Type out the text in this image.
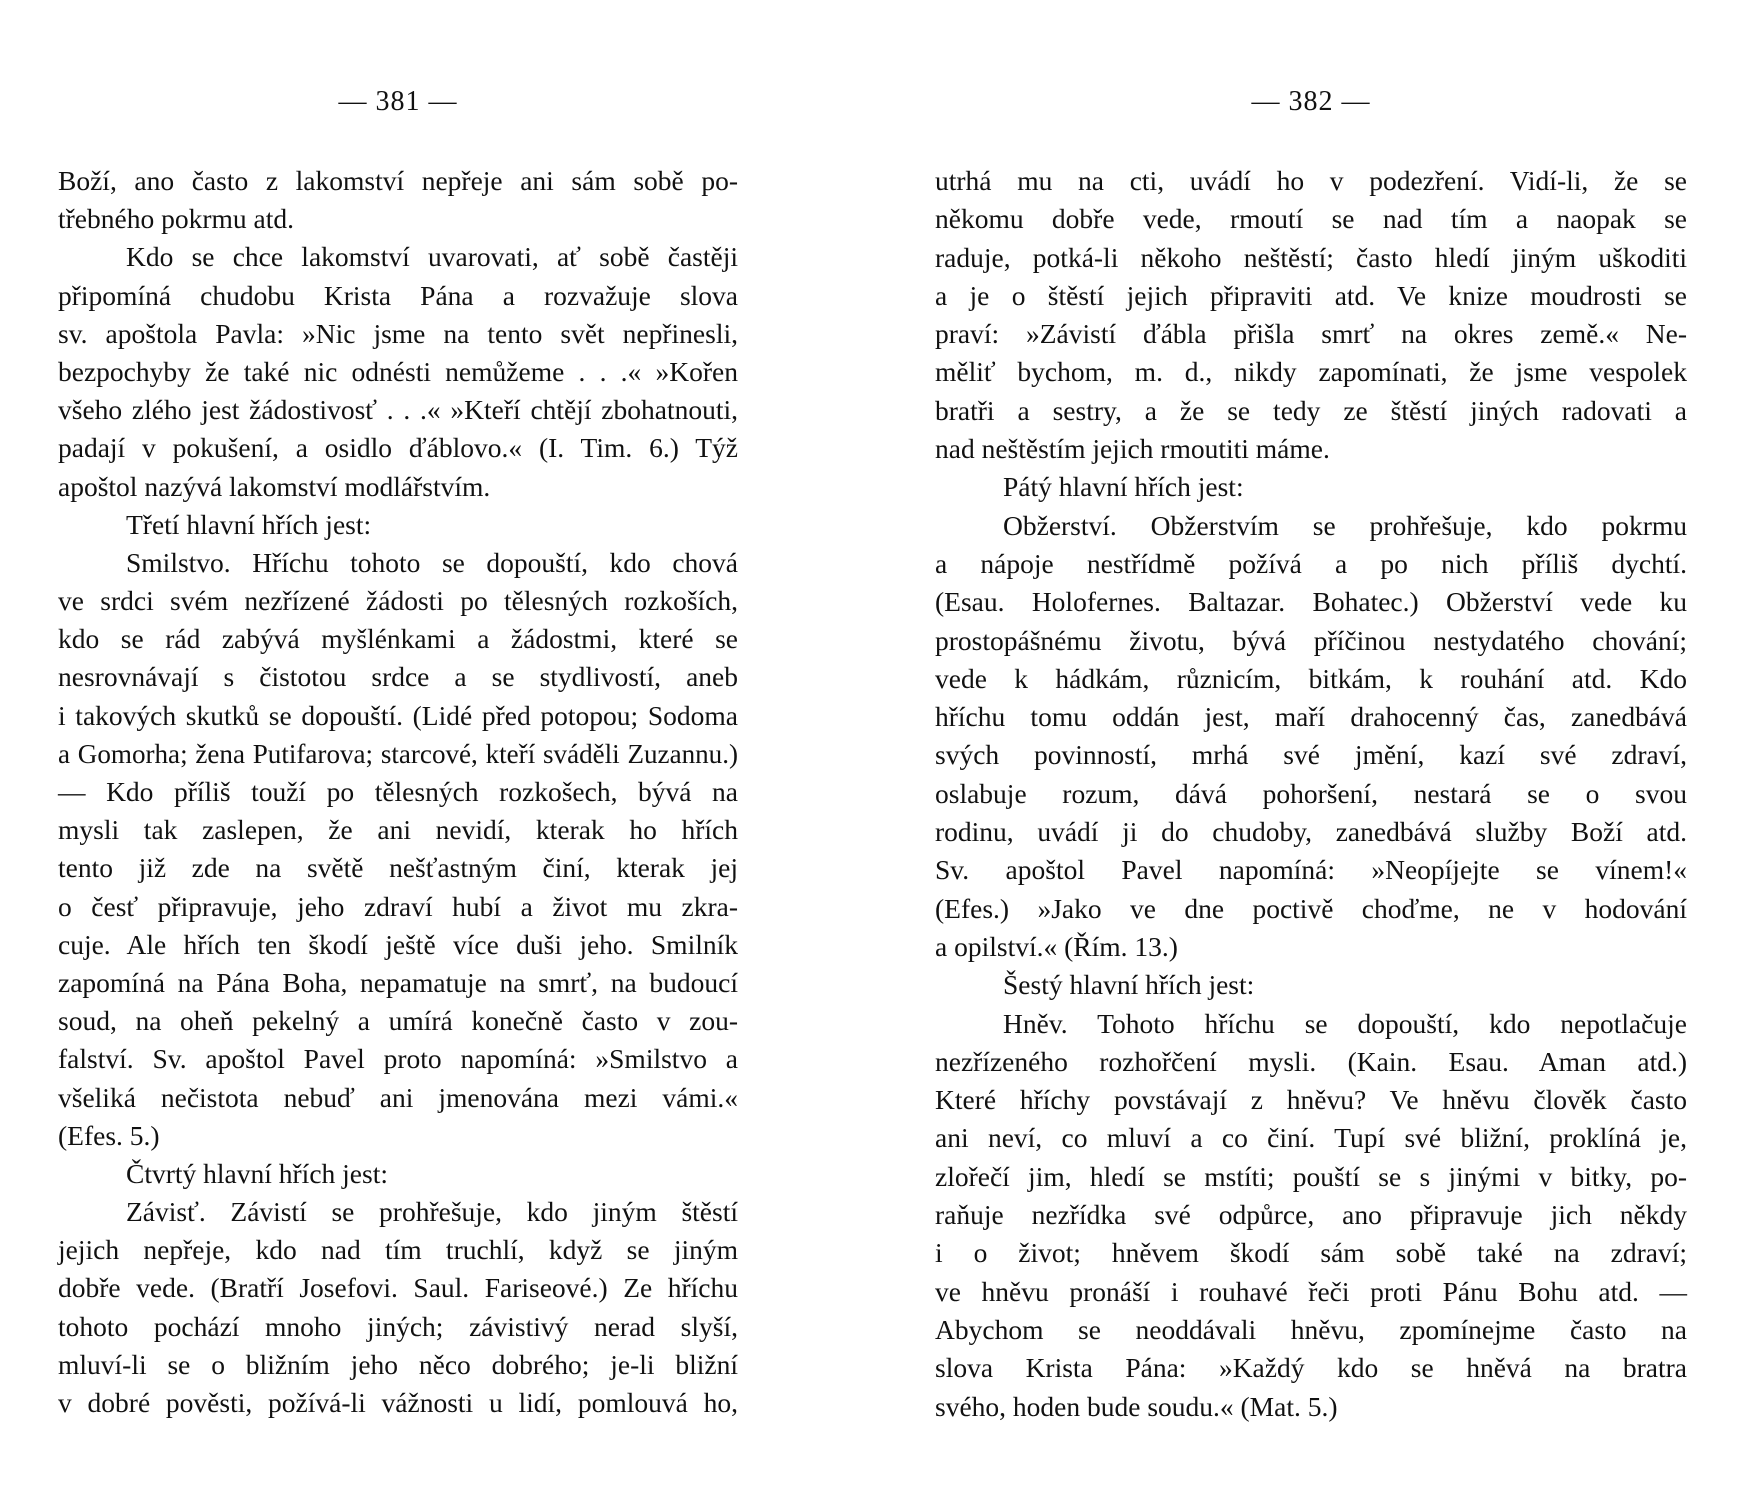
— 381 —
Boží, ano často z lakomství nepřeje ani sám sobě po-
třebného pokrmu atd.
Kdo se chce lakomství uvarovati, ať sobě častěji
připomíná chudobu Krista Pána a rozvažuje slova
sv. apoštola Pavla: »Nic jsme na tento svět nepřinesli,
bezpochyby že také nic odnésti nemůžeme . . .« »Kořen
všeho zlého jest žádostivosť . . .« »Kteří chtějí zbohatnouti,
padají v pokušení, a osidlo ďáblovo.« (I. Tim. 6.) Týž
apoštol nazývá lakomství modlářstvím.
Třetí hlavní hřích jest:
Smilstvo. Hříchu tohoto se dopouští, kdo chová
ve srdci svém nezřízené žádosti po tělesných rozkoších,
kdo se rád zabývá myšlénkami a žádostmi, které se
nesrovnávají s čistotou srdce a se stydlivostí, aneb
i takových skutků se dopouští. (Lidé před potopou; Sodoma
a Gomorha; žena Putifarova; starcové, kteří sváděli Zuzannu.)
— Kdo příliš touží po tělesných rozkošech, bývá na
mysli tak zaslepen, že ani nevidí, kterak ho hřích
tento již zde na světě nešťastným činí, kterak jej
o česť připravuje, jeho zdraví hubí a život mu zkra-
cuje. Ale hřích ten škodí ještě více duši jeho. Smilník
zapomíná na Pána Boha, nepamatuje na smrť, na budoucí
soud, na oheň pekelný a umírá konečně často v zou-
falství. Sv. apoštol Pavel proto napomíná: »Smilstvo a
všeliká nečistota nebuď ani jmenována mezi vámi.«
(Efes. 5.)
Čtvrtý hlavní hřích jest:
Závisť. Závistí se prohřešuje, kdo jiným štěstí
jejich nepřeje, kdo nad tím truchlí, když se jiným
dobře vede. (Bratří Josefovi. Saul. Fariseové.) Ze hříchu
tohoto pochází mnoho jiných; závistivý nerad slyší,
mluví-li se o bližním jeho něco dobrého; je-li bližní
v dobré pověsti, požívá-li vážnosti u lidí, pomlouvá ho,
— 382 —
utrhá mu na cti, uvádí ho v podezření. Vidí-li, že se
někomu dobře vede, rmoutí se nad tím a naopak se
raduje, potká-li někoho neštěstí; často hledí jiným uškoditi
a je o štěstí jejich připraviti atd. Ve knize moudrosti se
praví: »Závistí ďábla přišla smrť na okres země.« Ne-
měliť bychom, m. d., nikdy zapomínati, že jsme vespolek
bratři a sestry, a že se tedy ze štěstí jiných radovati a
nad neštěstím jejich rmoutiti máme.
Pátý hlavní hřích jest:
Obžerství. Obžerstvím se prohřešuje, kdo pokrmu
a nápoje nestřídmě požívá a po nich příliš dychtí.
(Esau. Holofernes. Baltazar. Bohatec.) Obžerství vede ku
prostopášnému životu, bývá příčinou nestydatého chování;
vede k hádkám, různicím, bitkám, k rouhání atd. Kdo
hříchu tomu oddán jest, maří drahocenný čas, zanedbává
svých povinností, mrhá své jmění, kazí své zdraví,
oslabuje rozum, dává pohoršení, nestará se o svou
rodinu, uvádí ji do chudoby, zanedbává služby Boží atd.
Sv. apoštol Pavel napomíná: »Neopíjejte se vínem!«
(Efes.) »Jako ve dne poctivě choďme, ne v hodování
a opilství.« (Řím. 13.)
Šestý hlavní hřích jest:
Hněv. Tohoto hříchu se dopouští, kdo nepotlačuje
nezřízeného rozhořčení mysli. (Kain. Esau. Aman atd.)
Které hříchy povstávají z hněvu? Ve hněvu člověk často
ani neví, co mluví a co činí. Tupí své bližní, proklíná je,
zlořečí jim, hledí se mstíti; pouští se s jinými v bitky, po-
raňuje nezřídka své odpůrce, ano připravuje jich někdy
i o život; hněvem škodí sám sobě také na zdraví;
ve hněvu pronáší i rouhavé řeči proti Pánu Bohu atd. —
Abychom se neoddávali hněvu, zpomínejme často na
slova Krista Pána: »Každý kdo se hněvá na bratra
svého, hoden bude soudu.« (Mat. 5.)
